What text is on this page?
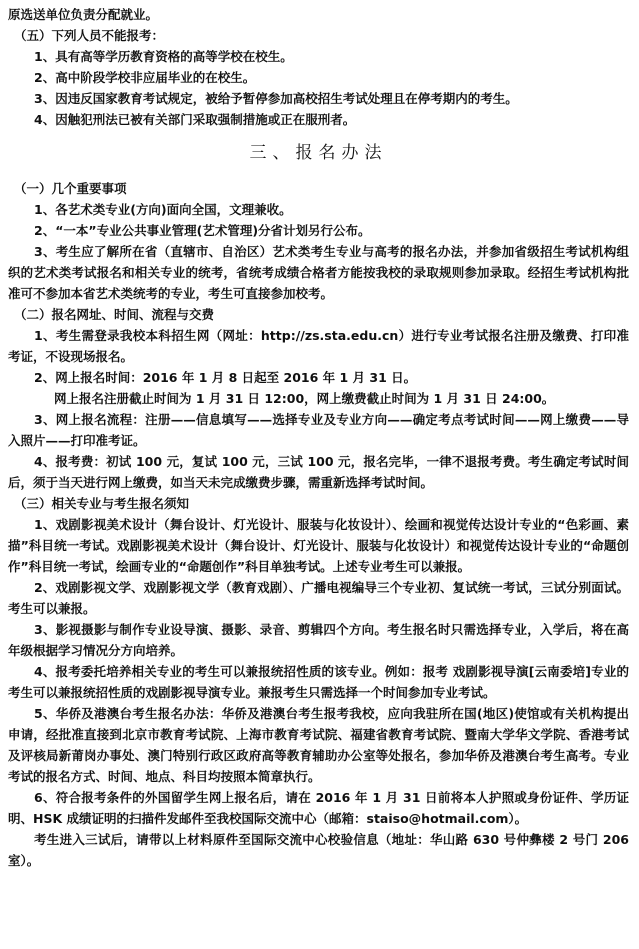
原选送单位负责分配就业。

（五）下列人员不能报考：

1、具有高等学历教育资格的高等学校在校生。

2、高中阶段学校非应届毕业的在校生。

3、因违反国家教育考试规定，被给予暂停参加高校招生考试处理且在停考期内的考生。

4、因触犯刑法已被有关部门采取强制措施或正在服刑者。

三、报名办法

（一）几个重要事项

1、各艺术类专业(方向)面向全国，文理兼收。

2、“一本”专业公共事业管理(艺术管理)分省计划另行公布。

3、考生应了解所在省（直辖市、自治区）艺术类考生专业与高考的报名办法，并参加省级招生考试机构组织的艺术类考试报名和相关专业的统考，省统考成绩合格者方能按我校的录取规则参加录取。经招生考试机构批准可不参加本省艺术类统考的专业，考生可直接参加校考。

（二）报名网址、时间、流程与交费

1、考生需登录我校本科招生网（网址：http://zs.sta.edu.cn）进行专业考试报名注册及缴费、打印准考证，不设现场报名。

2、网上报名时间：2016 年 1 月 8 日起至 2016 年 1 月 31 日。

网上报名注册截止时间为 1 月 31 日 12:00，网上缴费截止时间为 1 月 31 日 24:00。

3、网上报名流程：注册——信息填写——选择专业及专业方向——确定考点考试时间——网上缴费——导入照片——打印准考证。

4、报考费：初试 100 元，复试 100 元，三试 100 元，报名完毕，一律不退报考费。考生确定考试时间后，须于当天进行网上缴费，如当天未完成缴费步骤，需重新选择考试时间。

（三）相关专业与考生报名须知

1、戏剧影视美术设计（舞台设计、灯光设计、服装与化妆设计）、绘画和视觉传达设计专业的“色彩画、素描”科目统一考试。戏剧影视美术设计（舞台设计、灯光设计、服装与化妆设计）和视觉传达设计专业的“命题创作”科目统一考试，绘画专业的“命题创作”科目单独考试。上述专业考生可以兼报。

2、戏剧影视文学、戏剧影视文学（教育戏剧）、广播电视编导三个专业初、复试统一考试，三试分别面试。考生可以兼报。

3、影视摄影与制作专业设导演、摄影、录音、剪辑四个方向。考生报名时只需选择专业，入学后，将在高年级根据学习情况分方向培养。

4、报考委托培养相关专业的考生可以兼报统招性质的该专业。例如：报考 戏剧影视导演[云南委培]专业的考生可以兼报统招性质的戏剧影视导演专业。兼报考生只需选择一个时间参加专业考试。

5、华侨及港澳台考生报名办法：华侨及港澳台考生报考我校，应向我驻所在国(地区)使馆或有关机构提出申请，经批准直接到北京市教育考试院、上海市教育考试院、福建省教育考试院、暨南大学华文学院、香港考试及评核局新莆岗办事处、澳门特别行政区政府高等教育辅助办公室等处报名，参加华侨及港澳台考生高考。专业考试的报名方式、时间、地点、科目均按照本简章执行。

6、符合报考条件的外国留学生网上报名后，请在 2016 年 1 月 31 日前将本人护照或身份证件、学历证明、HSK 成绩证明的扫描件发邮件至我校国际交流中心（邮箱：staiso@hotmail.com）。

考生进入三试后，请带以上材料原件至国际交流中心校验信息（地址：华山路 630 号仲彝楼 2 号门 206 室）。
